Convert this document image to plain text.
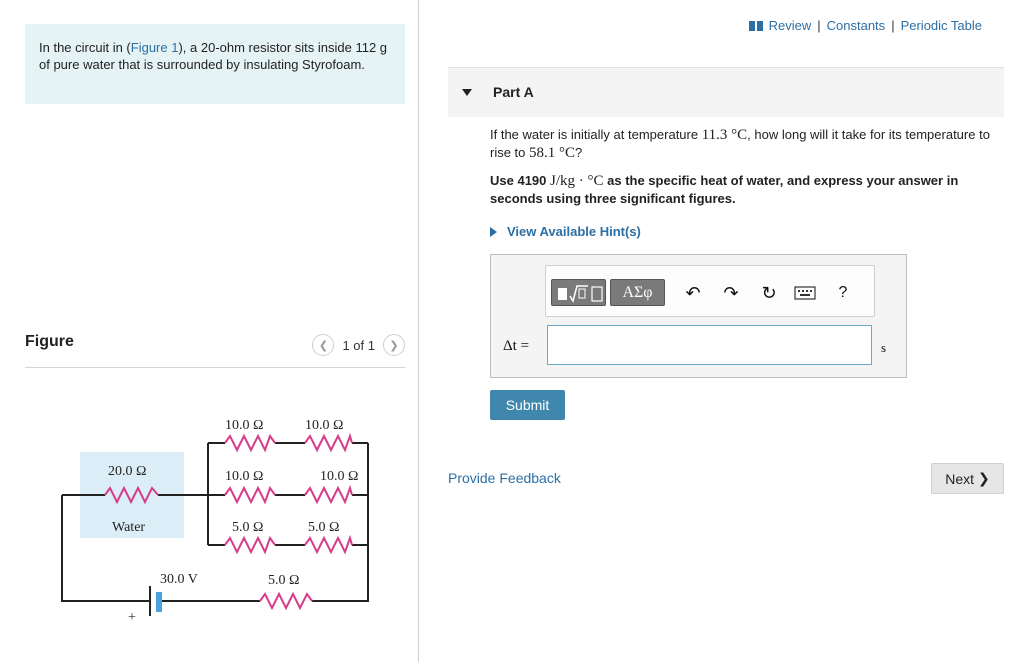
In the circuit in (Figure 1), a 20-ohm resistor sits inside 112 g of pure water that is surrounded by insulating Styrofoam.
Figure	❮	1 of 1	❯
10.0 Ω	10.0 Ω
20.0 Ω	10.0 Ω	10.0 Ω
Water	5.0 Ω	5.0 Ω
30.0 V	5.0 Ω
+
Review | Constants | Periodic Table
Part A
If the water is initially at temperature 11.3 °C, how long will it take for its temperature to rise to 58.1 °C?
Use 4190 J/kg · °C as the specific heat of water, and express your answer in seconds using three significant figures.
View Available Hint(s)
ΑΣφ	↶	↷	↻	?
Δt =	s
Submit
Provide Feedback	Next ❯
